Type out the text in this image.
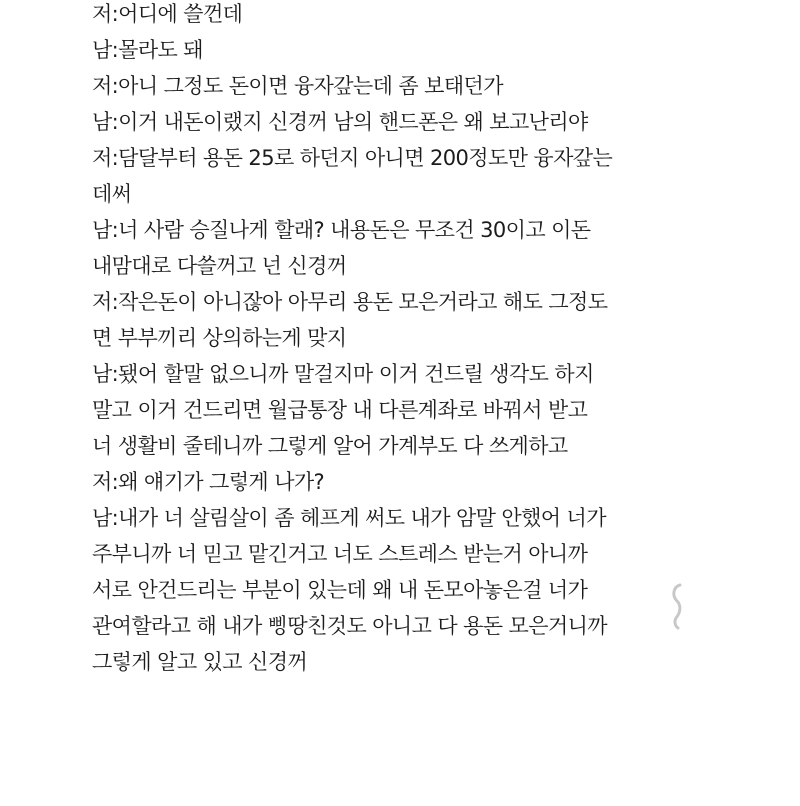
저:어디에 쓸껀데
남:몰라도 돼
저:아니 그정도 돈이면 융자갚는데 좀 보태던가
남:이거 내돈이랬지 신경꺼 남의 핸드폰은 왜 보고난리야
저:담달부터 용돈 25로 하던지 아니면 200정도만 융자갚는
데써
남:너 사람 승질나게 할래? 내용돈은 무조건 30이고 이돈
내맘대로 다쓸꺼고 넌 신경꺼
저:작은돈이 아니잖아 아무리 용돈 모은거라고 해도 그정도
면 부부끼리 상의하는게 맞지
남:됐어 할말 없으니까 말걸지마 이거 건드릴 생각도 하지
말고 이거 건드리면 월급통장 내 다른계좌로 바꿔서 받고
너 생활비 줄테니까 그렇게 알어 가계부도 다 쓰게하고
저:왜 얘기가 그렇게 나가?
남:내가 너 살림살이 좀 헤프게 써도 내가 암말 안했어 너가
주부니까 너 믿고 맡긴거고 너도 스트레스 받는거 아니까
서로 안건드리는 부분이 있는데 왜 내 돈모아놓은걸 너가
관여할라고 해 내가 삥땅친것도 아니고 다 용돈 모은거니까
그렇게 알고 있고 신경꺼
